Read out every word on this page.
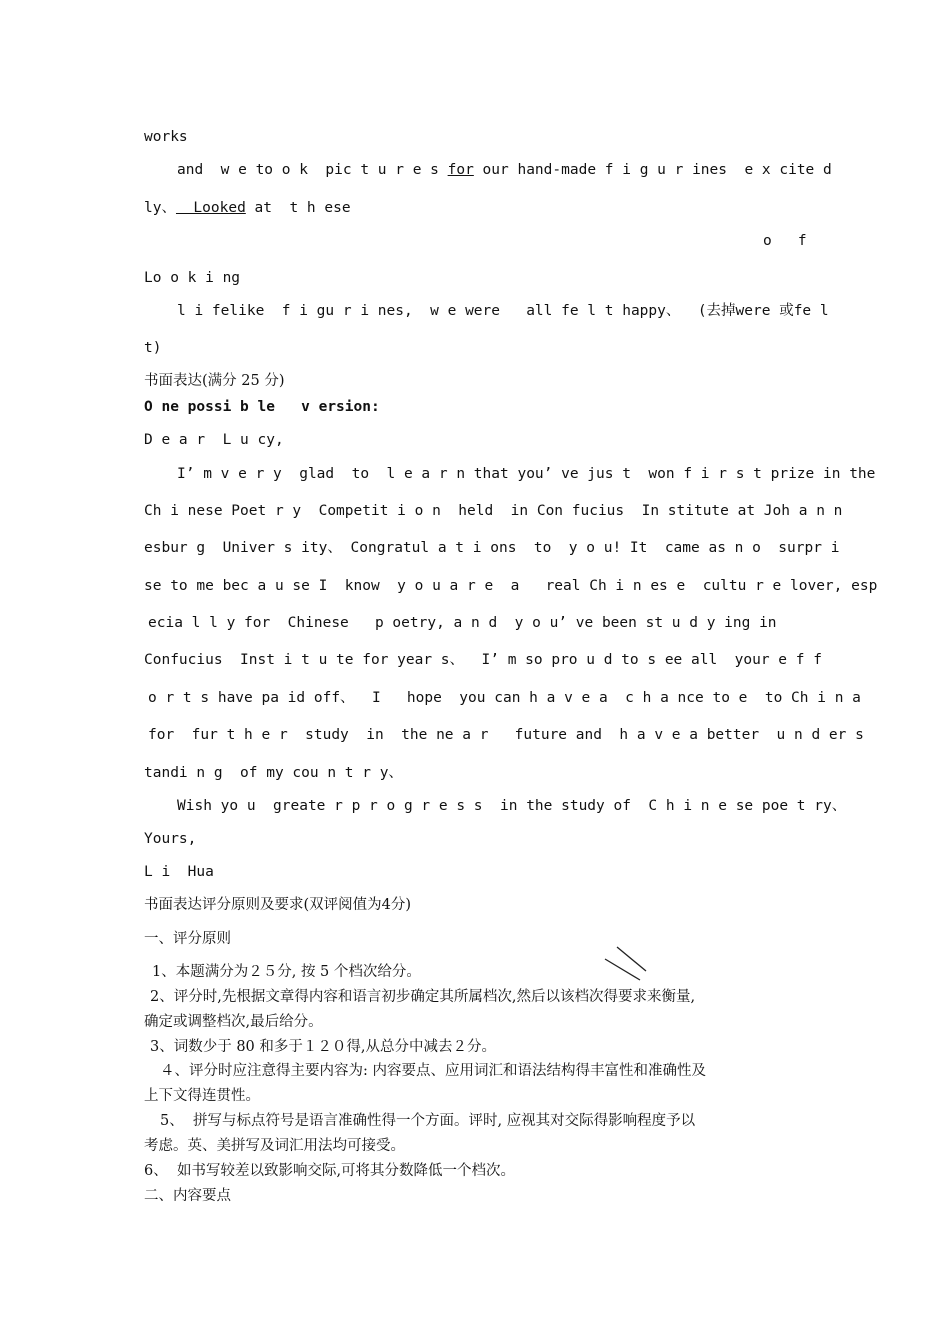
works
and  w e to o k  pic t u r e s for our hand-made f i g u r ines  e x cite d
ly、  Looked at  t h ese
o   f
Lo o k i ng
l i felike  f i gu r i nes,  w e were   all fe l t happy、  (去掉were 或fe l
t)
书面表达(满分 25 分)
O ne possi b le   v ersion:
D e a r  L u cy,
I’ m v e r y  glad  to  l e a r n that you’ ve jus t  won f i r s t prize in the
Ch i nese Poet r y  Competit i o n  held  in Con fucius  In stitute at Joh a n n
esbur g  Univer s ity、 Congratul a t i ons  to  y o u! It  came as n o  surpr i
se to me bec a u se I  know  y o u a r e  a   real Ch i n es e  cultu r e lover, esp
ecia l l y for  Chinese   p oetry, a n d  y o u’ ve been st u d y ing in
Confucius  Inst i t u te for year s、  I’ m so pro u d to s ee all  your e f f
o r t s have pa id off、  I   hope  you can h a v e a  c h a nce to e  to Ch i n a
for  fur t h e r  study  in  the ne a r   future and  h a v e a better  u n d er s
tandi n g  of my cou n t r y、
Wish yo u  greate r p r o g r e s s  in the study of  C h i n e se poe t ry、
Yours,
L i  Hua
书面表达评分原则及要求(双评阅值为4分)
一、评分原则
1、本题满分为２５分, 按 5 个档次给分。
2、评分时,先根据文章得内容和语言初步确定其所属档次,然后以该档次得要求来衡量,
确定或调整档次,最后给分。
3、词数少于 80 和多于１２０得,从总分中减去２分。
４、评分时应注意得主要内容为: 内容要点、应用词汇和语法结构得丰富性和准确性及
上下文得连贯性。
5、  拼写与标点符号是语言准确性得一个方面。评时, 应视其对交际得影响程度予以
考虑。英、美拼写及词汇用法均可接受。
6、  如书写较差以致影响交际,可将其分数降低一个档次。
二、内容要点
